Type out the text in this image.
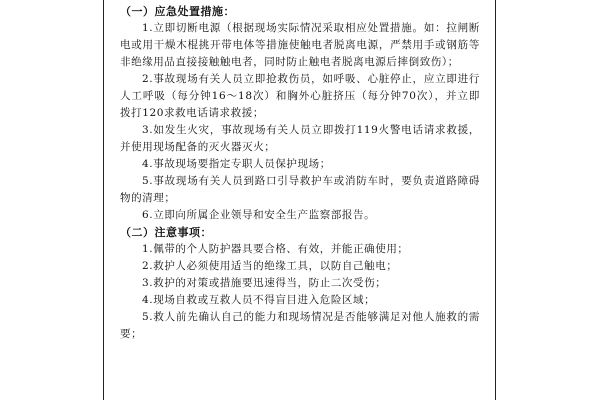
（一）应急处置措施：
1.立即切断电源（根据现场实际情况采取相应处置措施。如：拉闸断电或用干燥木棍挑开带电体等措施使触电者脱离电源，严禁用手或钢筋等非绝缘用品直接接触触电者，同时防止触电者脱离电源后摔倒致伤）；
2.事故现场有关人员立即抢救伤员，如呼吸、心脏停止，应立即进行人工呼吸（每分钟16～18次）和胸外心脏挤压（每分钟70次），并立即拨打120求救电话请求救援；
3.如发生火灾，事故现场有关人员立即拨打119火警电话请求救援，并使用现场配备的灭火器灭火；
4.事故现场要指定专职人员保护现场；
5.事故现场有关人员到路口引导救护车或消防车时，要负责道路障碍物的清理；
6.立即向所属企业领导和安全生产监察部报告。
（二）注意事项：
1.佩带的个人防护器具要合格、有效，并能正确使用；
2.救护人必须使用适当的绝缘工具，以防自己触电；
3.救护的对策或措施要迅速得当，防止二次受伤；
4.现场自救或互救人员不得盲目进入危险区域；
5.救人前先确认自己的能力和现场情况是否能够满足对他人施救的需要；
